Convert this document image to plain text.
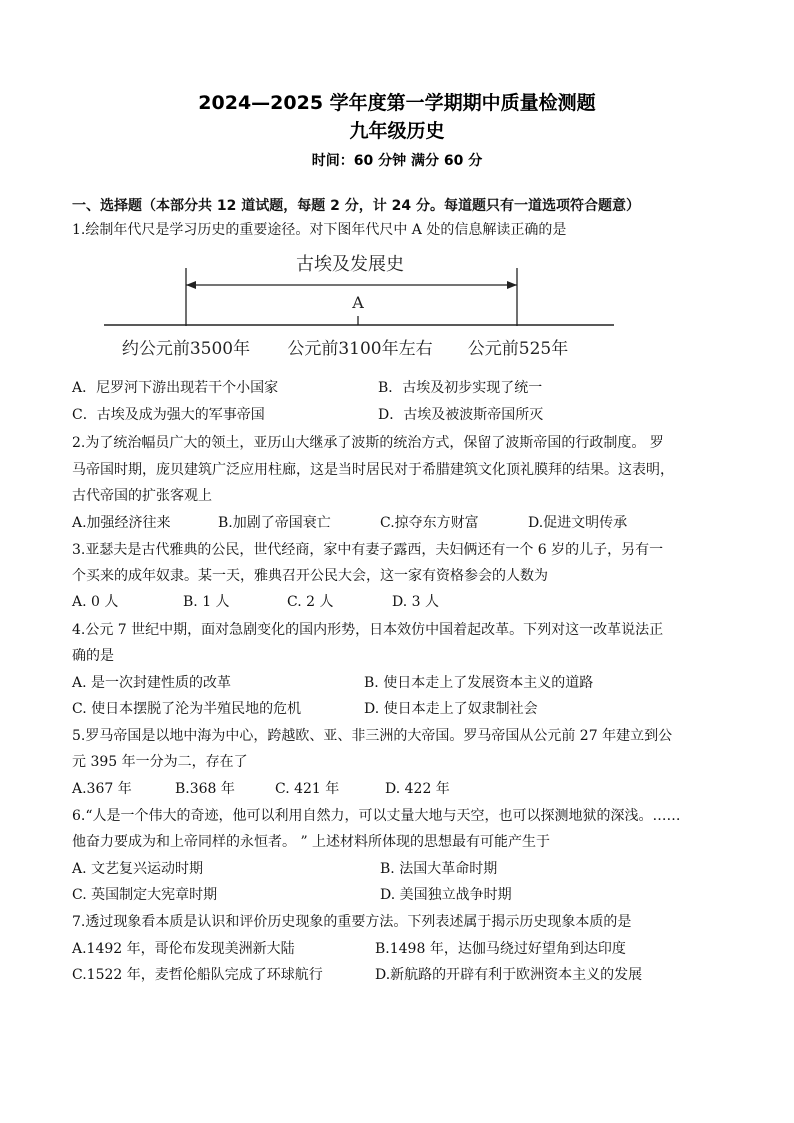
2024—2025 学年度第一学期期中质量检测题
九年级历史
时间：60 分钟 满分 60 分
一、选择题（本部分共 12 道试题，每题 2 分，计 24 分。每道题只有一道选项符合题意）
1.绘制年代尺是学习历史的重要途径。对下图年代尺中 A 处的信息解读正确的是
古埃及发展史
A
约公元前3500年 公元前3100年左右 公元前525年
A．尼罗河下游出现若干个小国家	B．古埃及初步实现了统一
C．古埃及成为强大的军事帝国	D．古埃及被波斯帝国所灭
2.为了统治幅员广大的领土，亚历山大继承了波斯的统治方式，保留了波斯帝国的行政制度。 罗
马帝国时期，庞贝建筑广泛应用柱廊，这是当时居民对于希腊建筑文化顶礼膜拜的结果。这表明，
古代帝国的扩张客观上
A.加强经济往来	B.加剧了帝国衰亡	C.掠夺东方财富	D.促进文明传承
3.亚瑟夫是古代雅典的公民，世代经商，家中有妻子露西，夫妇俩还有一个 6 岁的儿子，另有一
个买来的成年奴隶。某一天，雅典召开公民大会，这一家有资格参会的人数为
A. 0 人	B. 1 人	C. 2 人	D. 3 人
4.公元 7 世纪中期，面对急剧变化的国内形势，日本效仿中国着起改革。下列对这一改革说法正
确的是
A. 是一次封建性质的改革	B. 使日本走上了发展资本主义的道路
C. 使日本摆脱了沦为半殖民地的危机	D. 使日本走上了奴隶制社会
5.罗马帝国是以地中海为中心，跨越欧、亚、非三洲的大帝国。罗马帝国从公元前 27 年建立到公
元 395 年一分为二，存在了
A.367 年	B.368 年	C. 421 年	D. 422 年
6.“人是一个伟大的奇迹，他可以利用自然力，可以丈量大地与天空，也可以探测地狱的深浅。……
他奋力要成为和上帝同样的永恒者。 ” 上述材料所体现的思想最有可能产生于
A. 文艺复兴运动时期	B. 法国大革命时期
C. 英国制定大宪章时期	D. 美国独立战争时期
7.透过现象看本质是认识和评价历史现象的重要方法。下列表述属于揭示历史现象本质的是
A.1492 年，哥伦布发现美洲新大陆	B.1498 年，达伽马绕过好望角到达印度
C.1522 年，麦哲伦船队完成了环球航行	D.新航路的开辟有利于欧洲资本主义的发展
